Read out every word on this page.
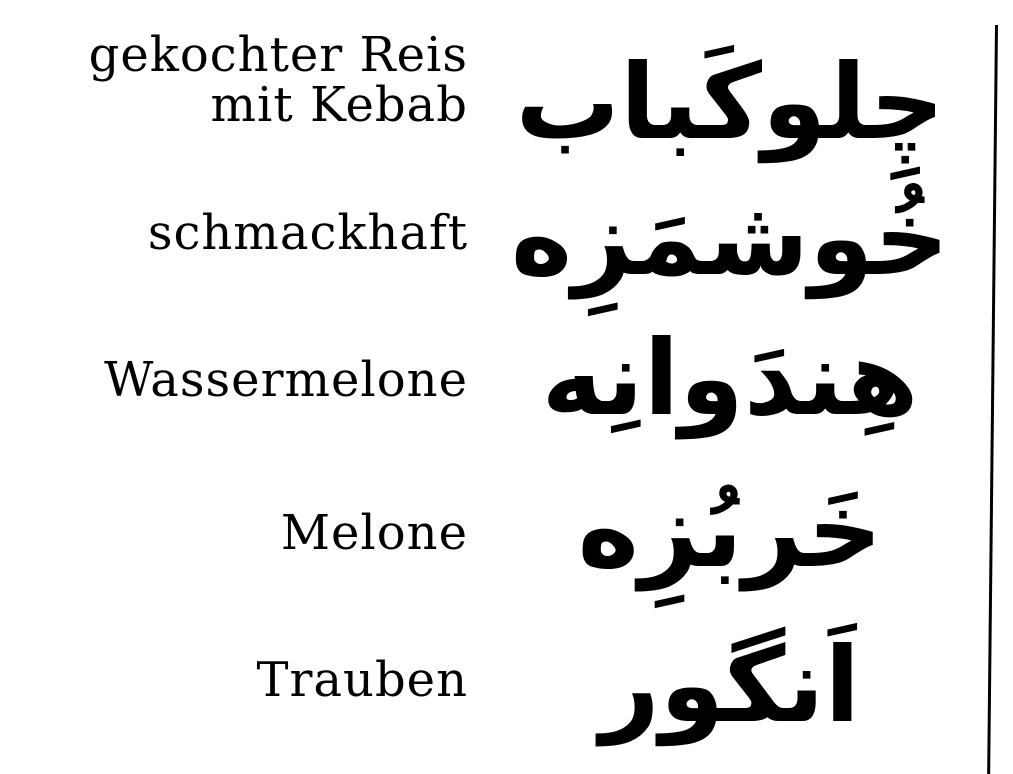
gekochter Reis
mit Kebab چِلوکَباب
schmackhaft خُوشمَزِه
Wassermelone هِندَوانِه
Melone	خَربُزِه
Trauben	اَنگور
